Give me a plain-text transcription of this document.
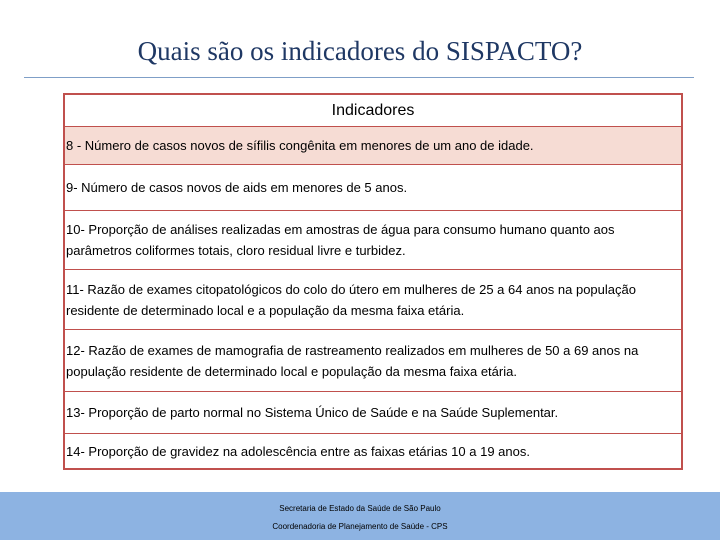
Quais são os indicadores do SISPACTO?
Indicadores
8 - Número de casos novos de sífilis congênita em menores de um ano de idade.
9- Número de casos novos de aids em menores de 5 anos.
10- Proporção de análises realizadas em amostras de água para consumo humano quanto aos parâmetros coliformes totais, cloro residual livre e turbidez.
11- Razão de exames citopatológicos do colo do útero em mulheres de 25 a 64 anos na população residente de determinado local e a população da mesma faixa etária.
12- Razão de exames de mamografia de rastreamento realizados em mulheres de 50 a 69 anos na população residente de determinado local e população da mesma faixa etária.
13- Proporção de parto normal no Sistema Único de Saúde e na Saúde Suplementar.
14- Proporção de gravidez na adolescência entre as faixas etárias 10 a 19 anos.
Secretaria de Estado da Saúde de São Paulo
Coordenadoria de Planejamento de Saúde - CPS
